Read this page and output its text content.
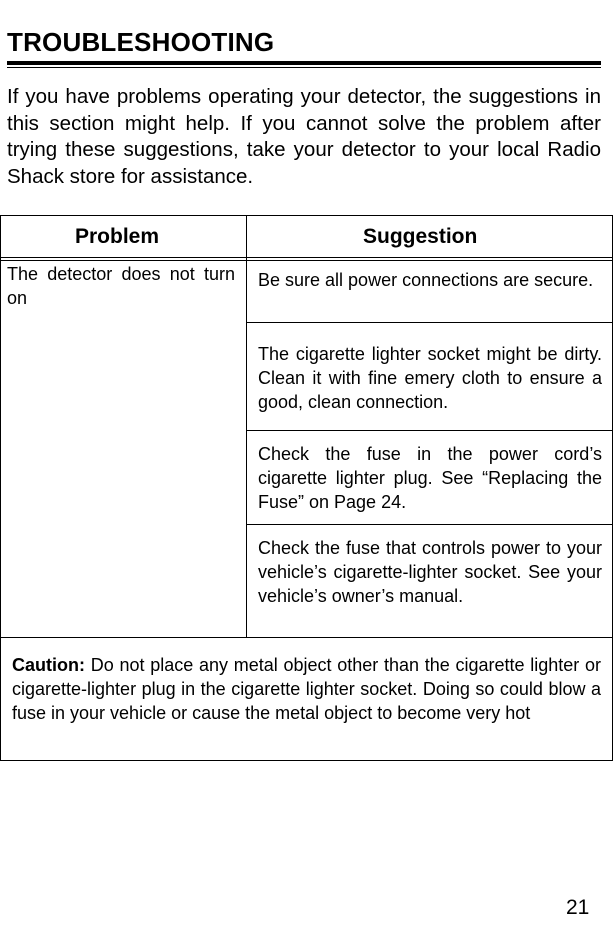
TROUBLESHOOTING

If you have problems operating your detector, the suggestions in this section might help. If you cannot solve the problem after trying these suggestions, take your detector to your local Radio Shack store for assistance.

Problem	Suggestion
The detector does not turn on
Be sure all power connections are secure.
The cigarette lighter socket might be dirty. Clean it with fine emery cloth to ensure a good, clean connection.
Check the fuse in the power cord’s cigarette lighter plug. See “Replacing the Fuse” on Page 24.
Check the fuse that controls power to your vehicle’s cigarette-lighter socket. See your vehicle’s owner’s manual.

Caution: Do not place any metal object other than the cigarette lighter or cigarette-lighter plug in the cigarette lighter socket. Doing so could blow a fuse in your vehicle or cause the metal object to become very hot

21
